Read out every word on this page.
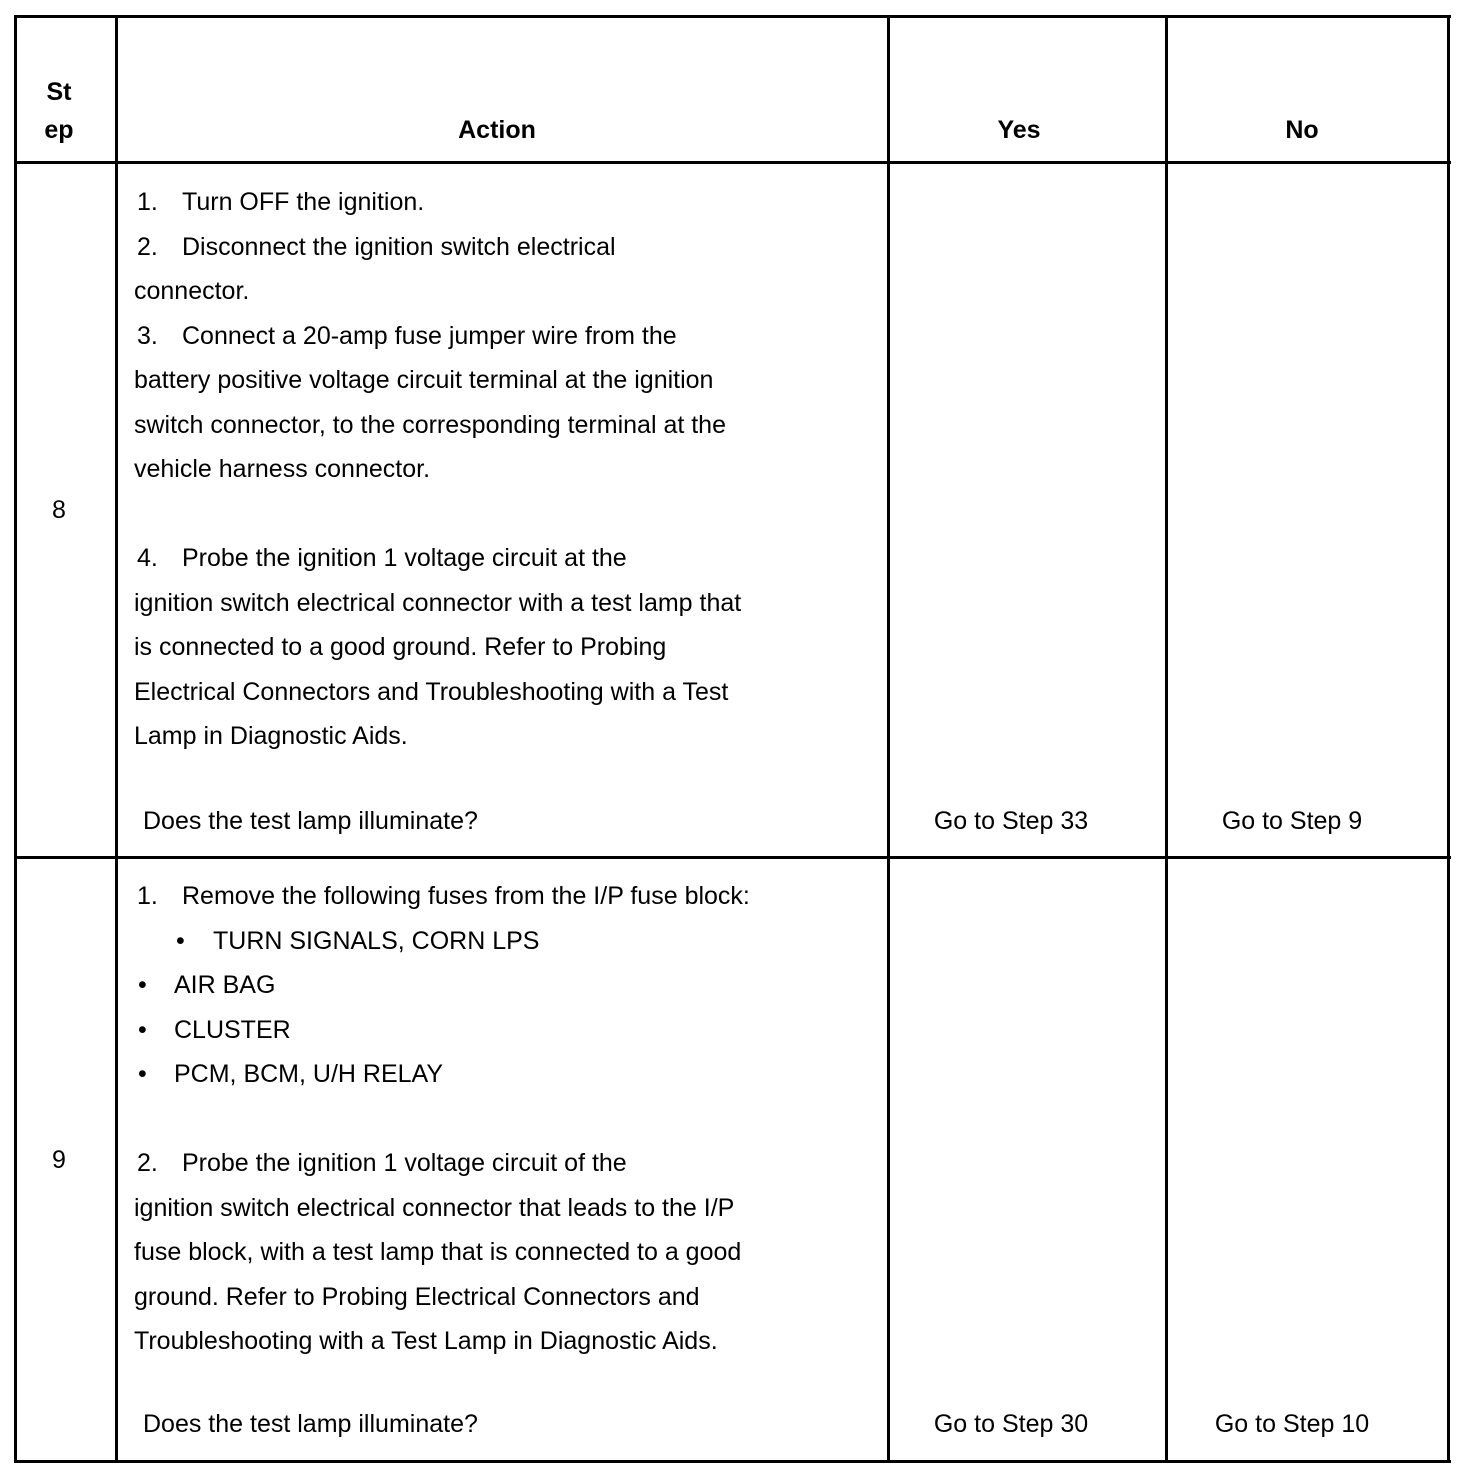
St
ep	Action	Yes	No
8
1. Turn OFF the ignition.
2. Disconnect the ignition switch electrical
connector.
3. Connect a 20-amp fuse jumper wire from the
battery positive voltage circuit terminal at the ignition
switch connector, to the corresponding terminal at the
vehicle harness connector.
4. Probe the ignition 1 voltage circuit at the
ignition switch electrical connector with a test lamp that
is connected to a good ground. Refer to Probing
Electrical Connectors and Troubleshooting with a Test
Lamp in Diagnostic Aids.
Does the test lamp illuminate?	Go to Step 33	Go to Step 9
9
1. Remove the following fuses from the I/P fuse block:
• TURN SIGNALS, CORN LPS
• AIR BAG
• CLUSTER
• PCM, BCM, U/H RELAY
2. Probe the ignition 1 voltage circuit of the
ignition switch electrical connector that leads to the I/P
fuse block, with a test lamp that is connected to a good
ground. Refer to Probing Electrical Connectors and
Troubleshooting with a Test Lamp in Diagnostic Aids.
Does the test lamp illuminate?	Go to Step 30	Go to Step 10
